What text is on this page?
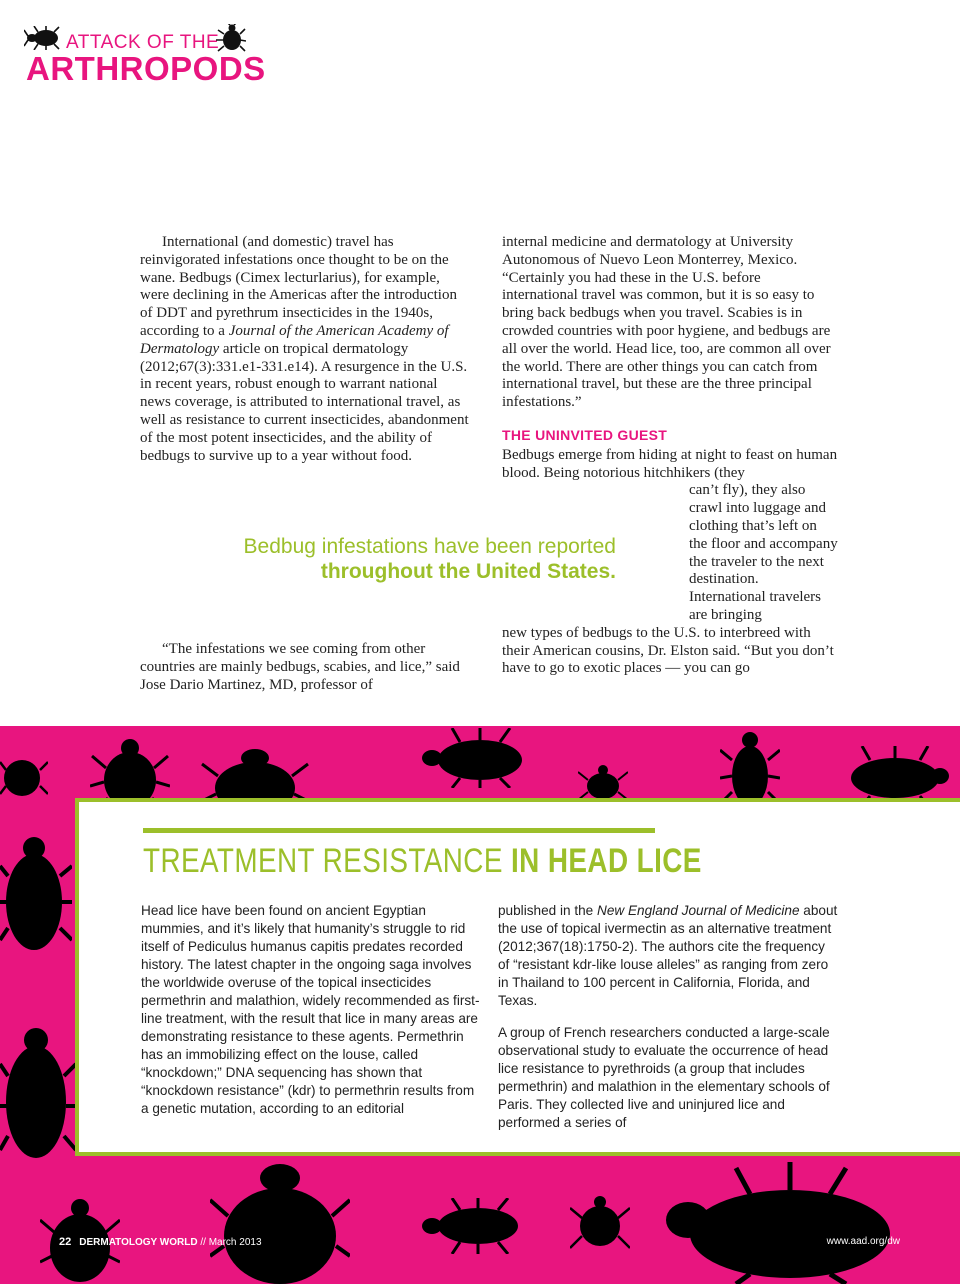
ATTACK OF THE
ARTHROPODS

International (and domestic) travel has reinvigorated infestations once thought to be on the wane. Bedbugs (Cimex lecturlarius), for example, were declining in the Americas after the introduction of DDT and pyrethrum insecticides in the 1940s, according to a Journal of the American Academy of Dermatology article on tropical dermatology (2012;67(3):331.e1-331.e14). A resurgence in the U.S. in recent years, robust enough to warrant national news coverage, is attributed to international travel, as well as resistance to current insecticides, abandonment of the most potent insecticides, and the ability of bedbugs to survive up to a year without food.

“The infestations we see coming from other countries are mainly bedbugs, scabies, and lice,” said Jose Dario Martinez, MD, professor of

internal medicine and dermatology at University Autonomous of Nuevo Leon Monterrey, Mexico. “Certainly you had these in the U.S. before international travel was common, but it is so easy to bring back bedbugs when you travel. Scabies is in crowded countries with poor hygiene, and bedbugs are all over the world. Head lice, too, are common all over the world. There are other things you can catch from international travel, but these are the three principal infestations.”

THE UNINVITED GUEST

Bedbugs emerge from hiding at night to feast on human blood. Being notorious hitchhikers (they

can’t fly), they also crawl into luggage and clothing that’s left on the floor and accompany the traveler to the next destination. International travelers are bringing

new types of bedbugs to the U.S. to interbreed with their American cousins, Dr. Elston said. “But you don’t have to go to exotic places — you can go

Bedbug infestations have been reported
throughout the United States.
TREATMENT RESISTANCE IN HEAD LICE

Head lice have been found on ancient Egyptian mummies, and it’s likely that humanity’s struggle to rid itself of Pediculus humanus capitis predates recorded history. The latest chapter in the ongoing saga involves the worldwide overuse of the topical insecticides permethrin and malathion, widely recommended as first-line treatment, with the result that lice in many areas are demonstrating resistance to these agents. Permethrin has an immobilizing effect on the louse, called “knockdown;” DNA sequencing has shown that “knockdown resistance” (kdr) to permethrin results from a genetic mutation, according to an editorial

published in the New England Journal of Medicine about the use of topical ivermectin as an alternative treatment (2012;367(18):1750-2). The authors cite the frequency of “resistant kdr-like louse alleles” as ranging from zero in Thailand to 100 percent in California, Florida, and Texas.

A group of French researchers conducted a large-scale observational study to evaluate the occurrence of head lice resistance to pyrethroids (a group that includes permethrin) and malathion in the elementary schools of Paris. They collected live and uninjured lice and performed a series of

22 DERMATOLOGY WORLD // March 2013	www.aad.org/dw
